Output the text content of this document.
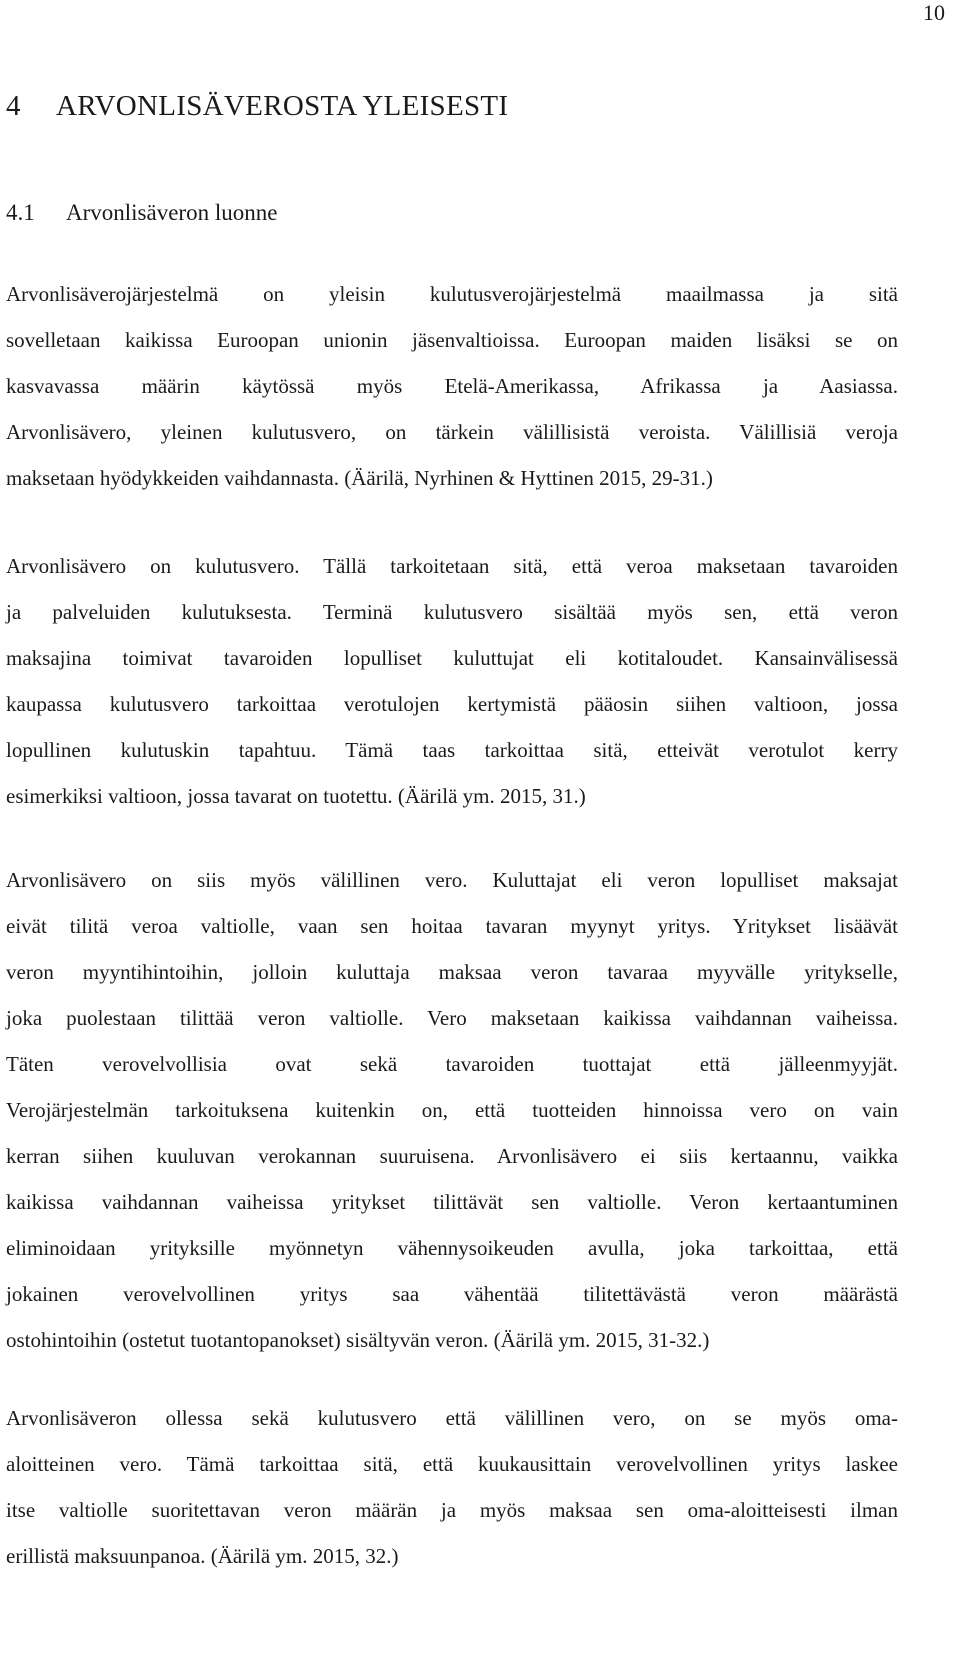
10
4 ARVONLISÄVEROSTA YLEISESTI
4.1 Arvonlisäveron luonne
Arvonlisäverojärjestelmä on yleisin kulutusverojärjestelmä maailmassa ja sitä
sovelletaan kaikissa Euroopan unionin jäsenvaltioissa. Euroopan maiden lisäksi se on
kasvavassa määrin käytössä myös Etelä-Amerikassa, Afrikassa ja Aasiassa.
Arvonlisävero, yleinen kulutusvero, on tärkein välillisistä veroista. Välillisiä veroja
maksetaan hyödykkeiden vaihdannasta. (Äärilä, Nyrhinen & Hyttinen 2015, 29-31.)
Arvonlisävero on kulutusvero. Tällä tarkoitetaan sitä, että veroa maksetaan tavaroiden
ja palveluiden kulutuksesta. Terminä kulutusvero sisältää myös sen, että veron
maksajina toimivat tavaroiden lopulliset kuluttujat eli kotitaloudet. Kansainvälisessä
kaupassa kulutusvero tarkoittaa verotulojen kertymistä pääosin siihen valtioon, jossa
lopullinen kulutuskin tapahtuu. Tämä taas tarkoittaa sitä, etteivät verotulot kerry
esimerkiksi valtioon, jossa tavarat on tuotettu. (Äärilä ym. 2015, 31.)
Arvonlisävero on siis myös välillinen vero. Kuluttajat eli veron lopulliset maksajat
eivät tilitä veroa valtiolle, vaan sen hoitaa tavaran myynyt yritys. Yritykset lisäävät
veron myyntihintoihin, jolloin kuluttaja maksaa veron tavaraa myyvälle yritykselle,
joka puolestaan tilittää veron valtiolle. Vero maksetaan kaikissa vaihdannan vaiheissa.
Täten verovelvollisia ovat sekä tavaroiden tuottajat että jälleenmyyjät.
Verojärjestelmän tarkoituksena kuitenkin on, että tuotteiden hinnoissa vero on vain
kerran siihen kuuluvan verokannan suuruisena. Arvonlisävero ei siis kertaannu, vaikka
kaikissa vaihdannan vaiheissa yritykset tilittävät sen valtiolle. Veron kertaantuminen
eliminoidaan yrityksille myönnetyn vähennysoikeuden avulla, joka tarkoittaa, että
jokainen verovelvollinen yritys saa vähentää tilitettävästä veron määrästä
ostohintoihin (ostetut tuotantopanokset) sisältyvän veron. (Äärilä ym. 2015, 31-32.)
Arvonlisäveron ollessa sekä kulutusvero että välillinen vero, on se myös oma-
aloitteinen vero. Tämä tarkoittaa sitä, että kuukausittain verovelvollinen yritys laskee
itse valtiolle suoritettavan veron määrän ja myös maksaa sen oma-aloitteisesti ilman
erillistä maksuunpanoa. (Äärilä ym. 2015, 32.)
